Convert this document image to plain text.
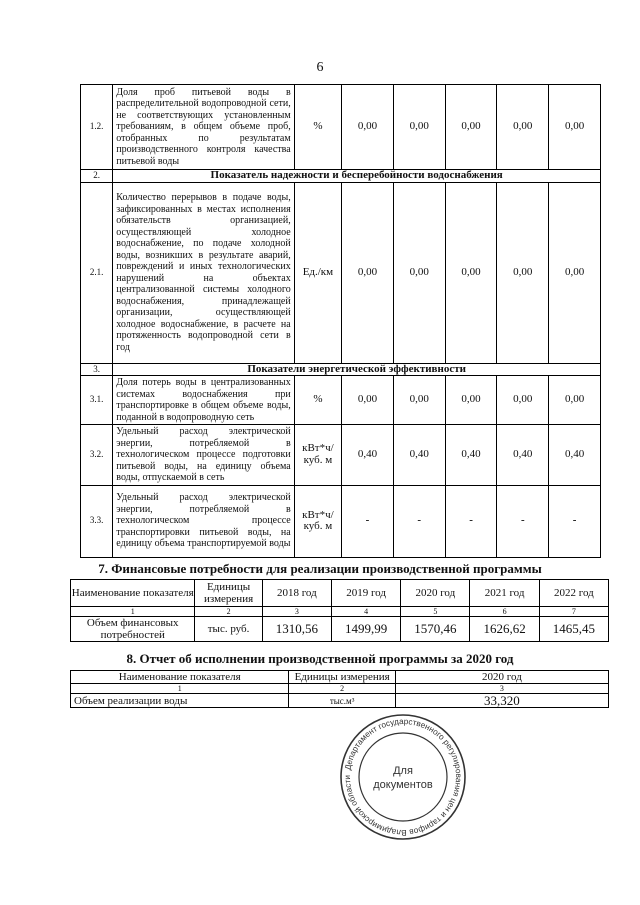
6
1.2.	Доля проб питьевой воды в распределительной водопроводной сети, не соответствующих установленным требованиям, в общем объеме проб, отобранных по результатам производственного контроля качества питьевой воды	%	0,00	0,00	0,00	0,00	0,00
2.	Показатель надежности и бесперебойности водоснабжения						
2.1.	Количество перерывов в подаче воды, зафиксированных в местах исполнения обязательств организацией, осуществляющей холодное водоснабжение, по подаче холодной воды, возникших в результате аварий, повреждений и иных технологических нарушений на объектах централизованной системы холодного водоснабжения, принадлежащей организации, осуществляющей холодное водоснабжение, в расчете на протяженность водопроводной сети в год	Ед./км	0,00	0,00	0,00	0,00	0,00
3.	Показатели энергетической эффективности						
3.1.	Доля потерь воды в централизованных системах водоснабжения при транспортировке в общем объеме воды, поданной в водопроводную сеть	%	0,00	0,00	0,00	0,00	0,00
3.2.	Удельный расход электрической энергии, потребляемой в технологическом процессе подготовки питьевой воды, на единицу объема воды, отпускаемой в сеть	кВт*ч/куб. м	0,40	0,40	0,40	0,40	0,40
3.3.	Удельный расход электрической энергии, потребляемой в технологическом процессе транспортировки питьевой воды, на единицу объема транспортируемой воды	кВт*ч/куб. м	-	-	-	-	-
7. Финансовые потребности для реализации производственной программы
Наименование показателя	Единицы измерения	2018 год	2019 год	2020 год	2021 год	2022 год
1	2	3	4	5	6	7
Объем финансовых потребностей	тыс. руб.	1310,56	1499,99	1570,46	1626,62	1465,45
8. Отчет об исполнении производственной программы за 2020 год
Наименование показателя	Единицы измерения	2020 год
1	2	3
Объем реализации воды	тыс.м³	33,320
Департамент государственного регулирования цен и тарифов Владимирской области
Для
документов
